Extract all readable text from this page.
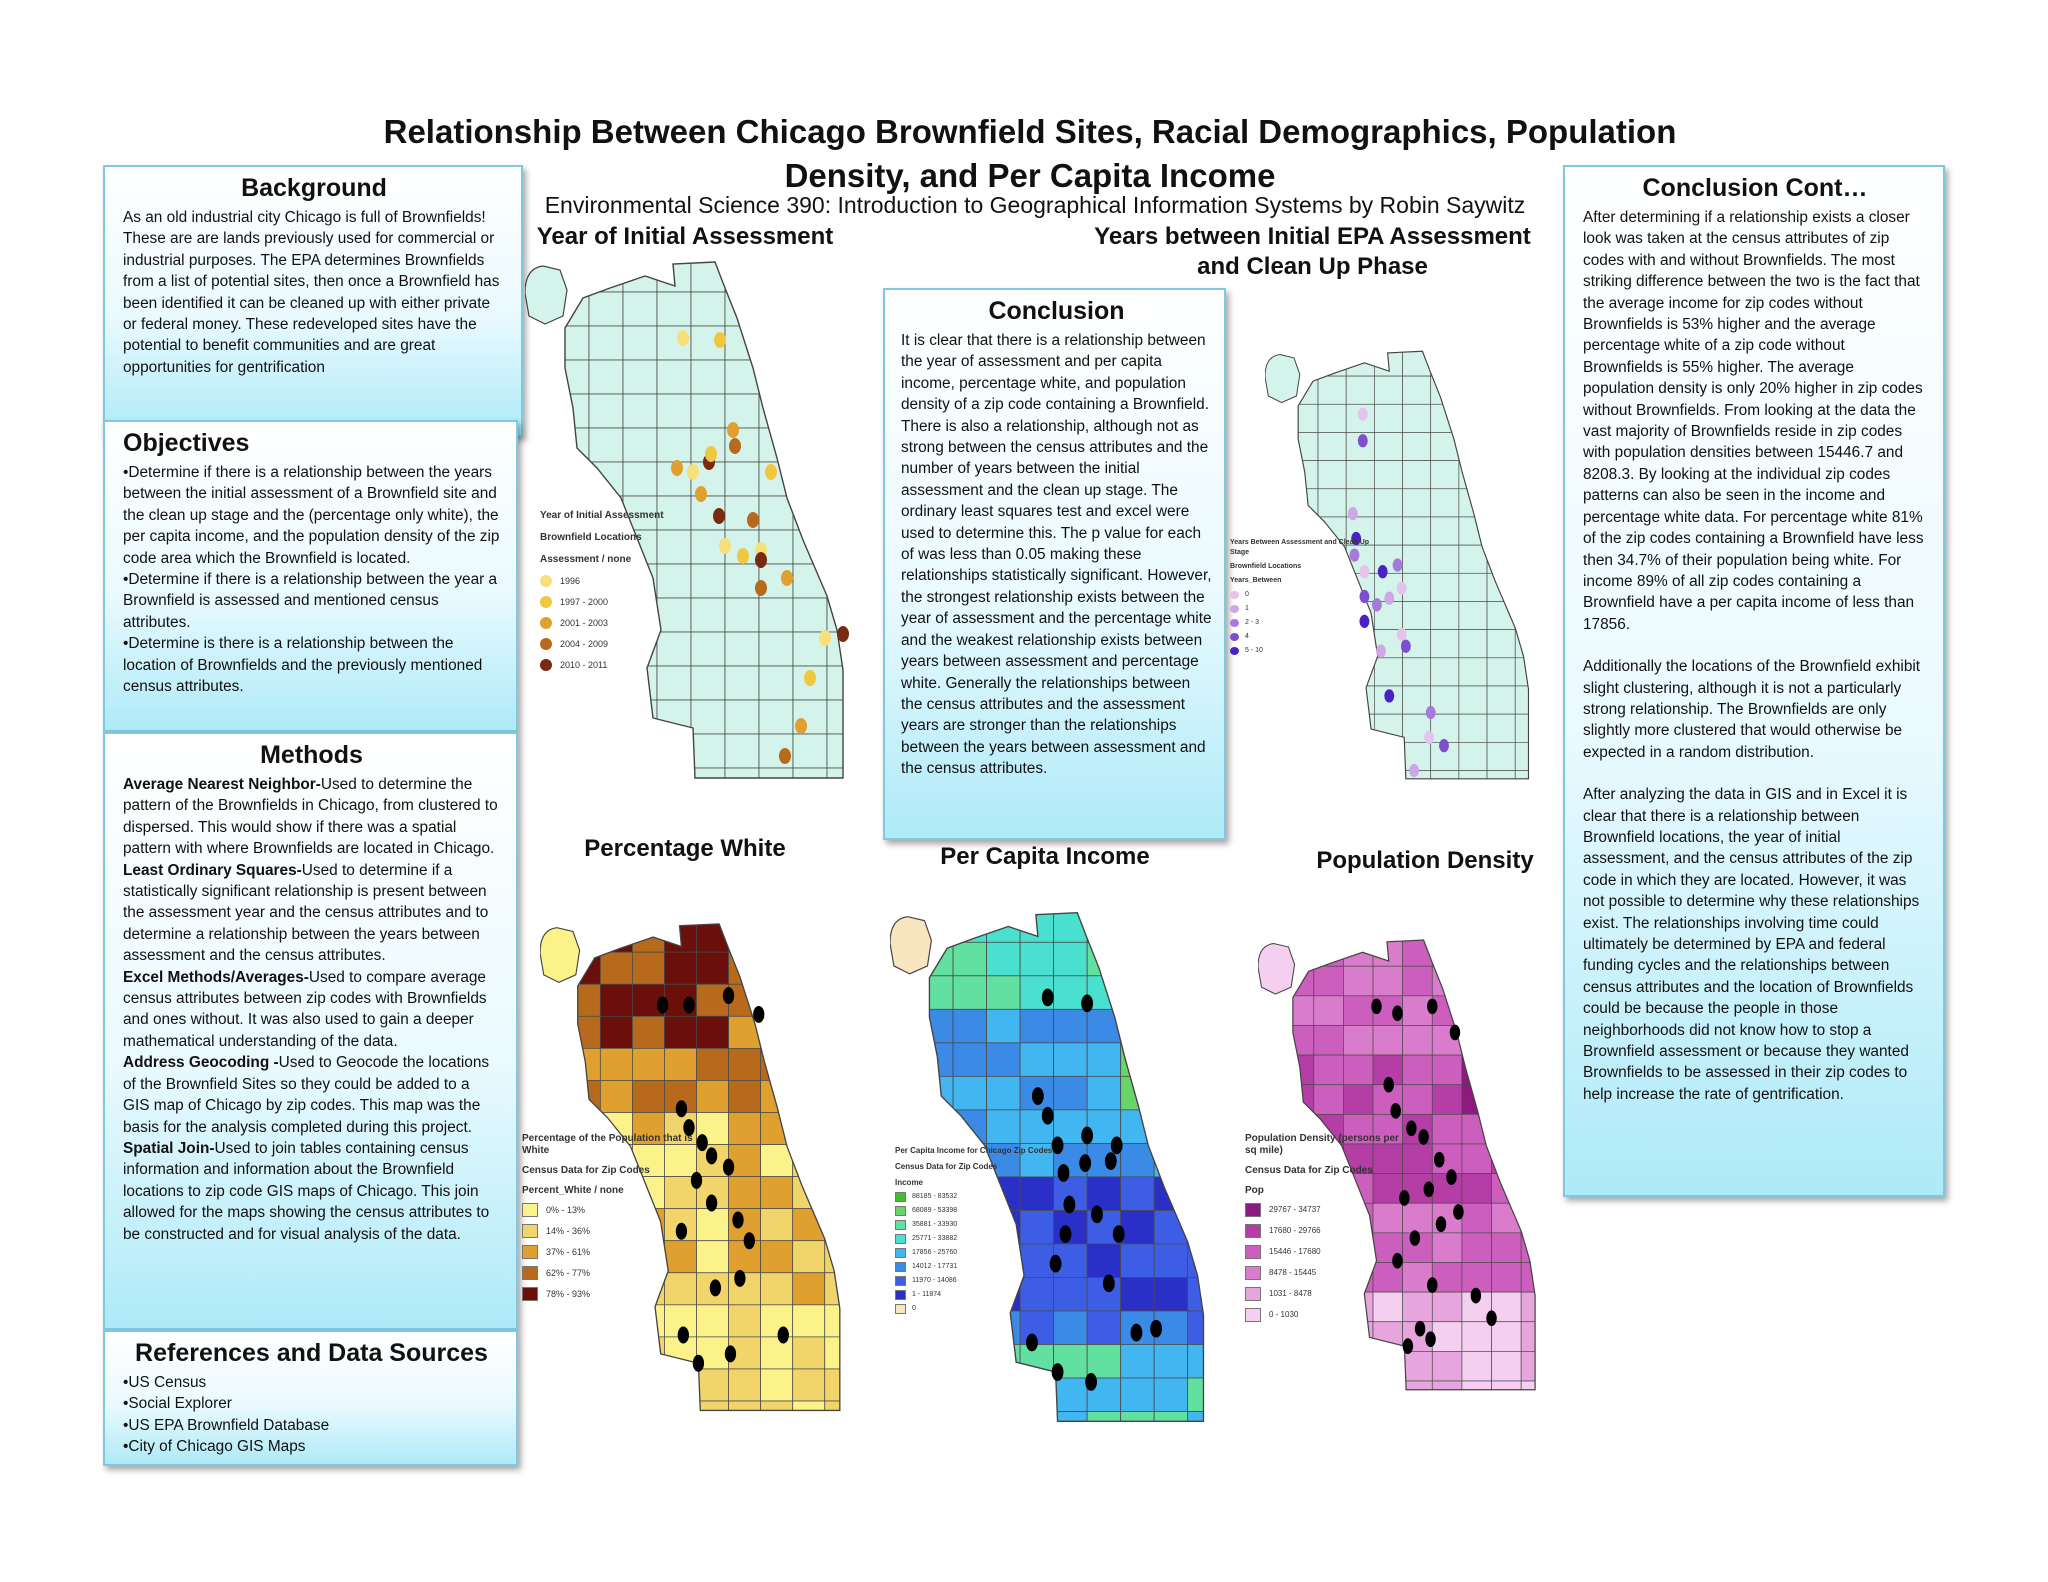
Relationship Between Chicago Brownfield Sites, Racial Demographics, Population Density, and Per Capita Income
Environmental Science 390: Introduction to Geographical Information Systems by Robin Saywitz
Background

As an old industrial city Chicago is full of Brownfields! These are are lands previously used for commercial or industrial purposes. The EPA determines Brownfields from a list of potential sites, then once a Brownfield has been identified it can be cleaned up with either private or federal money. These redeveloped sites have the potential to benefit communities and are great opportunities for gentrification

Objectives
•Determine if there is a relationship between the years between the initial assessment of a Brownfield site and the clean up stage and the (percentage only white), the per capita income, and the population density of the zip code area which the Brownfield is located.
•Determine if there is a relationship between the year a Brownfield is assessed and mentioned census attributes.
•Determine is there is a relationship between the location of Brownfields and the previously mentioned census attributes.
Methods

Average Nearest Neighbor-Used to determine the pattern of the Brownfields in Chicago, from clustered to dispersed. This would show if there was a spatial pattern with where Brownfields are located in Chicago.

Least Ordinary Squares-Used to determine if a statistically significant relationship is present between the assessment year and the census attributes and to determine a relationship between the years between assessment and the census attributes.

Excel Methods/Averages-Used to compare average census attributes between zip codes with Brownfields and ones without. It was also used to gain a deeper mathematical understanding of the data.

Address Geocoding -Used to Geocode the locations of the Brownfield Sites so they could be added to a GIS map of Chicago by zip codes. This map was the basis for the analysis completed during this project.

Spatial Join-Used to join tables containing census information and information about the Brownfield locations to zip code GIS maps of Chicago. This join allowed for the maps showing the census attributes to be constructed and for visual analysis of the data.

References and Data Sources
•US Census
•Social Explorer
•US EPA Brownfield Database
•City of Chicago GIS Maps
Conclusion

It is clear that there is a relationship between the year of assessment and per capita income, percentage white, and population density of a zip code containing a Brownfield. There is also a relationship, although not as strong between the census attributes and the number of years between the initial assessment and the clean up stage. The ordinary least squares test and excel were used to determine this. The p value for each of was less than 0.05 making these relationships statistically significant. However, the strongest relationship exists between the year of assessment and the percentage white and the weakest relationship exists between years between assessment and percentage white. Generally the relationships between the census attributes and the assessment years are stronger than the relationships between the years between assessment and the census attributes.

Conclusion Cont…

After determining if a relationship exists a closer look was taken at the census attributes of zip codes with and without Brownfields. The most striking difference between the two is the fact that the average income for zip codes without Brownfields is 53% higher and the average percentage white of a zip code without Brownfields is 55% higher. The average population density is only 20% higher in zip codes without Brownfields. From looking at the data the vast majority of Brownfields reside in zip codes with population densities between 15446.7 and 8208.3. By looking at the individual zip codes patterns can also be seen in the income and percentage white data. For percentage white 81% of the zip codes containing a Brownfield have less then 34.7% of their population being white. For income 89% of all zip codes containing a Brownfield have a per capita income of less than 17856.

Additionally the locations of the Brownfield exhibit slight clustering, although it is not a particularly strong relationship. The Brownfields are only slightly more clustered that would otherwise be expected in a random distribution.

After analyzing the data in GIS and in Excel it is clear that there is a relationship between Brownfield locations, the year of initial assessment, and the census attributes of the zip code in which they are located. However, it was not possible to determine why these relationships exist. The relationships involving time could ultimately be determined by EPA and federal funding cycles and the relationships between census attributes and the location of Brownfields could be because the people in those neighborhoods did not know how to stop a Brownfield assessment or because they wanted Brownfields to be assessed in their zip codes to help increase the rate of gentrification.

Year of Initial Assessment	Years between Initial EPA Assessment and Clean Up Phase
Percentage White	Per Capita Income	Population Density
Year of Initial Assessment
Brownfield Locations
Assessment / none
1996
1997 - 2000
2001 - 2003
2004 - 2009
2010 - 2011
Years Between Assessment and Clean Up Stage
Brownfield Locations
Years_Between
0
1
2 - 3
4
5 - 10
Percentage of the Population that is White
Census Data for Zip Codes
Percent_White / none
0% - 13%
14% - 36%
37% - 61%
62% - 77%
78% - 93%
Per Capita Income for Chicago Zip Codes
Census Data for Zip Codes
Income
88185 - 83532
68089 - 53398
35881 - 33930
25771 - 33882
17856 - 25760
14012 - 17731
11970 - 14086
1 - 11874
0
Population Density (persons per sq mile)
Census Data for Zip Codes
Pop
29767 - 34737
17680 - 29766
15446 - 17680
8478 - 15445
1031 - 8478
0 - 1030
